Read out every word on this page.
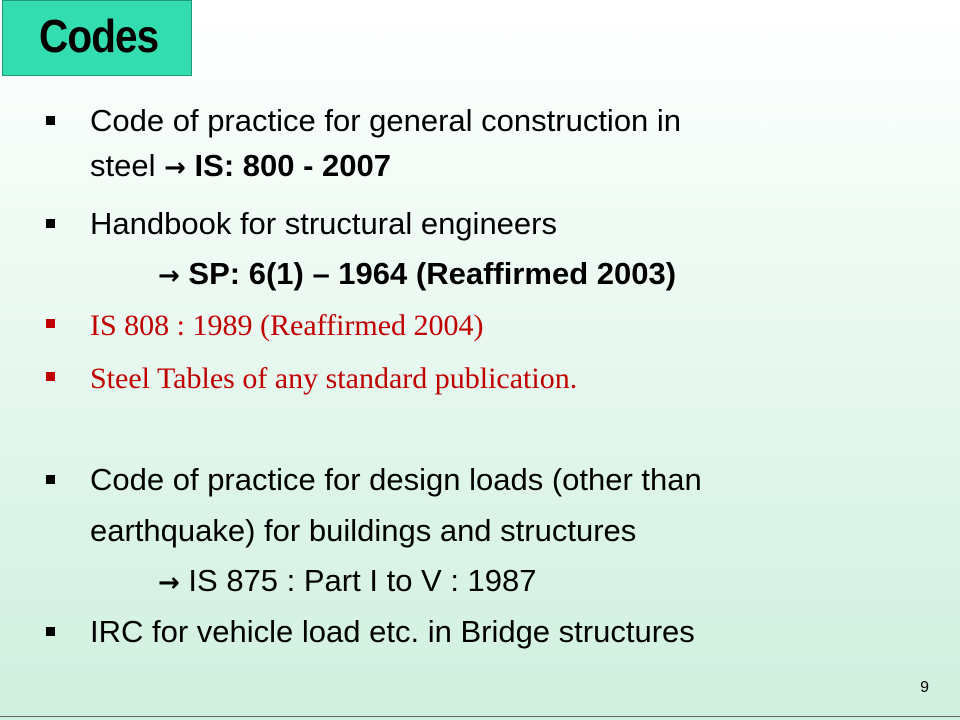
Codes
Code of practice for general construction in
steel → IS: 800 - 2007
Handbook for structural engineers
→ SP: 6(1) – 1964 (Reaffirmed 2003)
IS 808 : 1989 (Reaffirmed 2004)
Steel Tables of any standard publication.
Code of practice for design loads (other than
earthquake) for buildings and structures
→ IS 875 : Part I to V : 1987
IRC for vehicle load etc. in Bridge structures
9
